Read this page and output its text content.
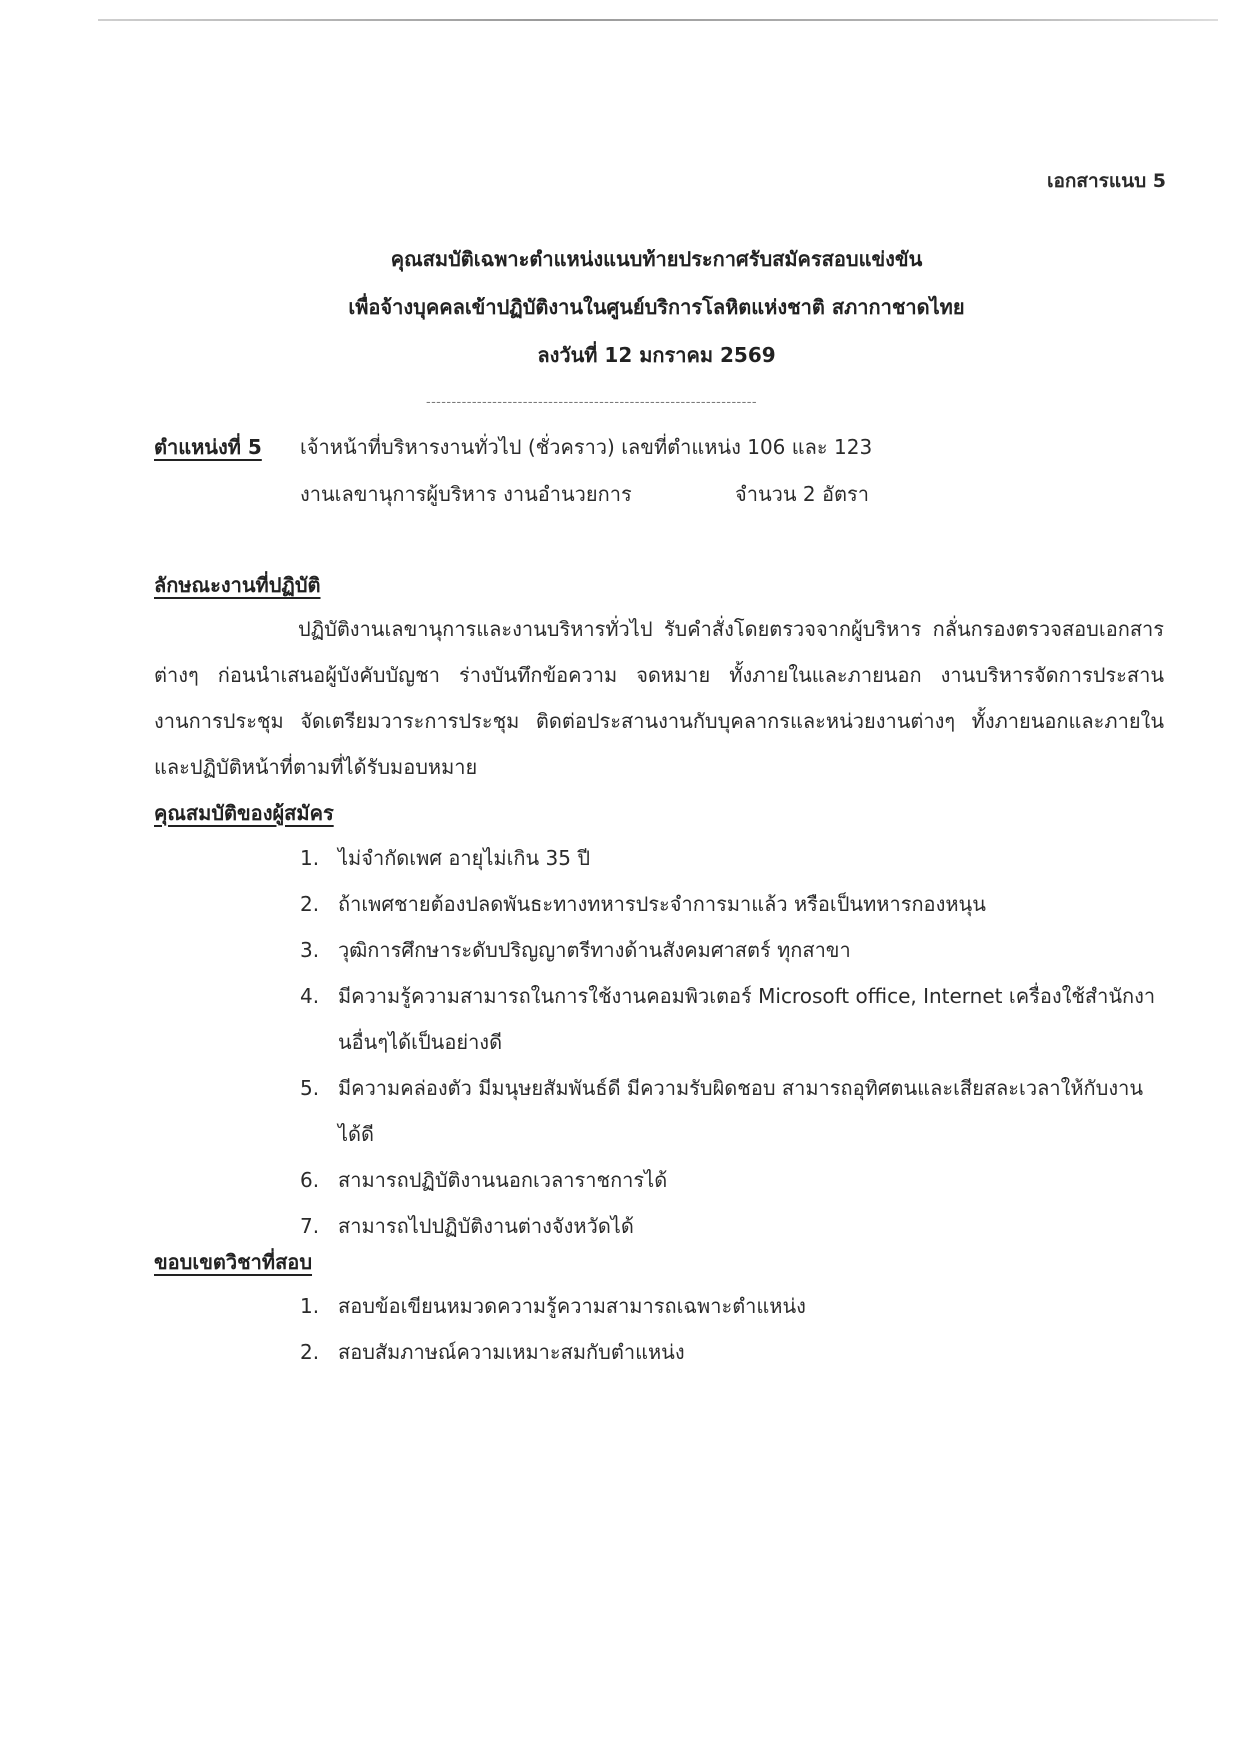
เอกสารแนบ 5
คุณสมบัติเฉพาะตำแหน่งแนบท้ายประกาศรับสมัครสอบแข่งขัน
เพื่อจ้างบุคคลเข้าปฏิบัติงานในศูนย์บริการโลหิตแห่งชาติ สภากาชาดไทย
ลงวันที่ 12 มกราคม 2569
-----------------------------------------------------------------
ตำแหน่งที่ 5 เจ้าหน้าที่บริหารงานทั่วไป (ชั่วคราว) เลขที่ตำแหน่ง 106 และ 123
งานเลขานุการผู้บริหาร งานอำนวยการ	จำนวน 2 อัตรา
ลักษณะงานที่ปฏิบัติ
ปฏิบัติงานเลขานุการและงานบริหารทั่วไป รับคำสั่งโดยตรวจจากผู้บริหาร กลั่นกรองตรวจสอบเอกสารต่างๆ ก่อนนำเสนอผู้บังคับบัญชา ร่างบันทึกข้อความ จดหมาย ทั้งภายในและภายนอก งานบริหารจัดการประสานงานการประชุม จัดเตรียมวาระการประชุม ติดต่อประสานงานกับบุคลากรและหน่วยงานต่างๆ ทั้งภายนอกและภายใน และปฏิบัติหน้าที่ตามที่ได้รับมอบหมาย
คุณสมบัติของผู้สมัคร
1. ไม่จำกัดเพศ อายุไม่เกิน 35 ปี
2. ถ้าเพศชายต้องปลดพันธะทางทหารประจำการมาแล้ว หรือเป็นทหารกองหนุน
3. วุฒิการศึกษาระดับปริญญาตรีทางด้านสังคมศาสตร์ ทุกสาขา
4. มีความรู้ความสามารถในการใช้งานคอมพิวเตอร์ Microsoft office, Internet เครื่องใช้สำนักงานอื่นๆได้เป็นอย่างดี
5. มีความคล่องตัว มีมนุษยสัมพันธ์ดี มีความรับผิดชอบ สามารถอุทิศตนและเสียสละเวลาให้กับงานได้ดี
6. สามารถปฏิบัติงานนอกเวลาราชการได้
7. สามารถไปปฏิบัติงานต่างจังหวัดได้
ขอบเขตวิชาที่สอบ
1. สอบข้อเขียนหมวดความรู้ความสามารถเฉพาะตำแหน่ง
2. สอบสัมภาษณ์ความเหมาะสมกับตำแหน่ง
